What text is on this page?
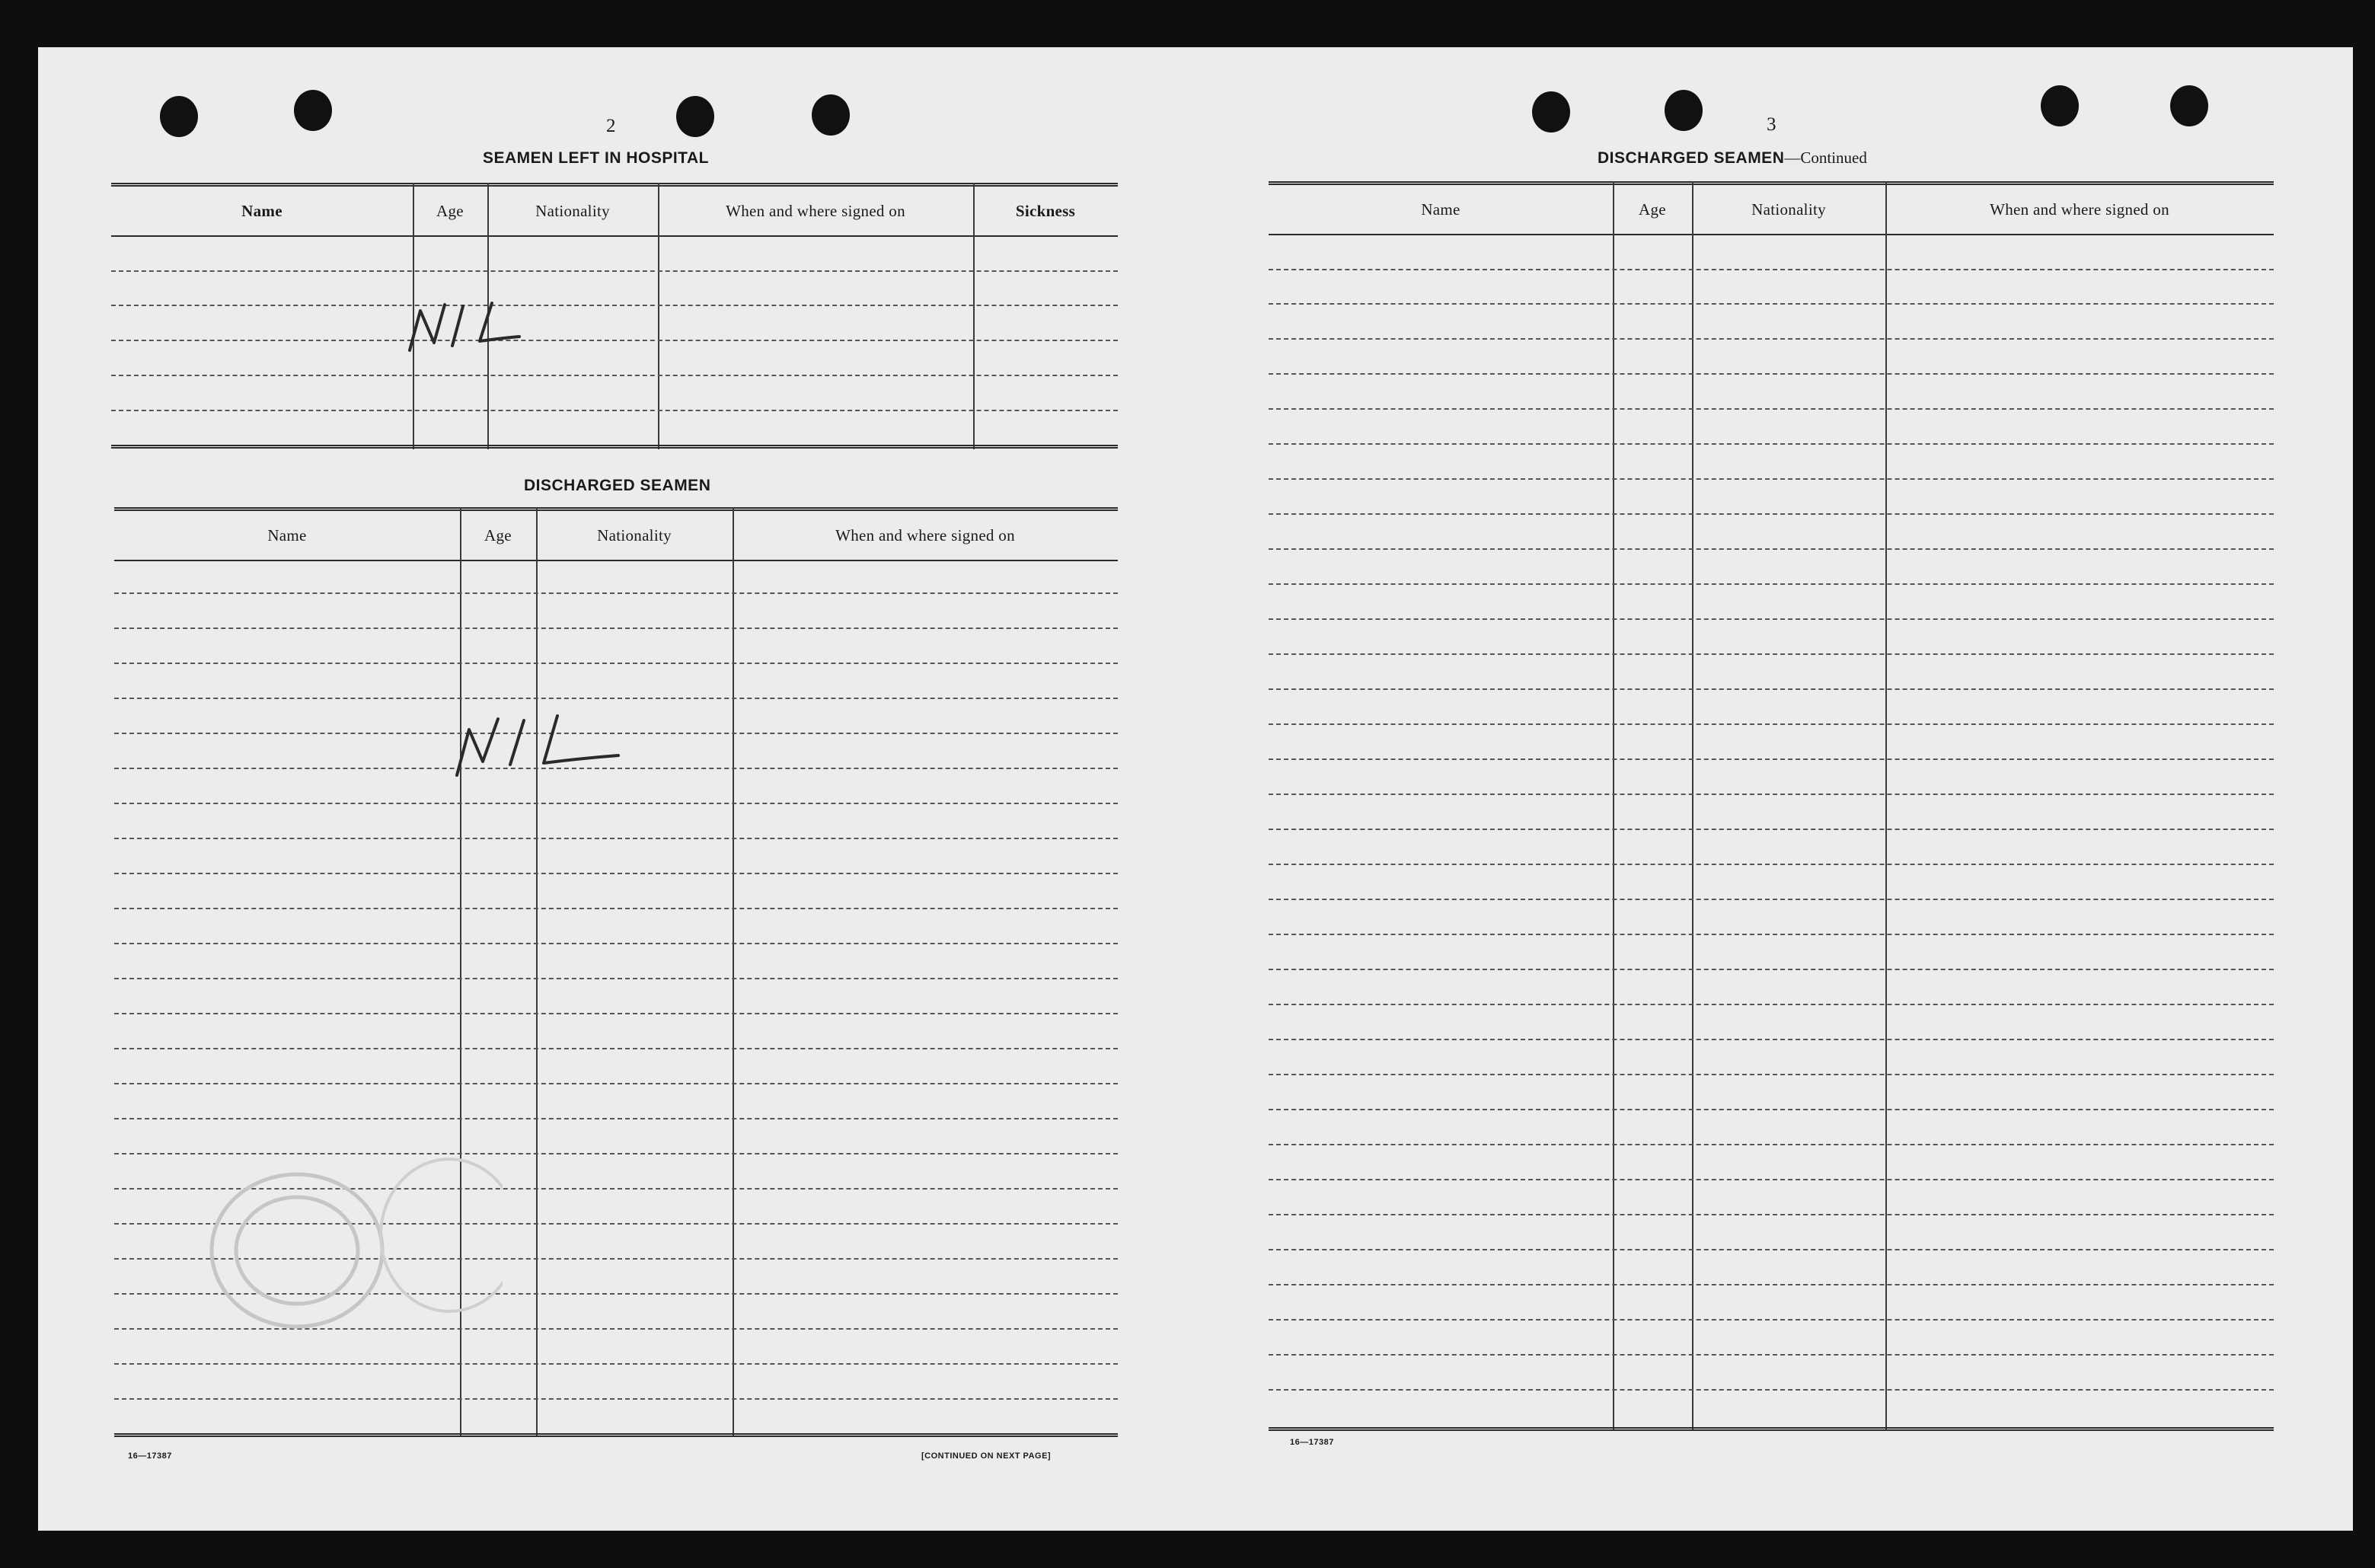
2
SEAMEN LEFT IN HOSPITAL
Name	Age	Nationality	When and where signed on	Sickness
DISCHARGED SEAMEN
Name	Age	Nationality	When and where signed on

16—17387	[CONTINUED ON NEXT PAGE]
3
DISCHARGED SEAMEN—Continued
Name	Age	Nationality	When and where signed on
16—17387
